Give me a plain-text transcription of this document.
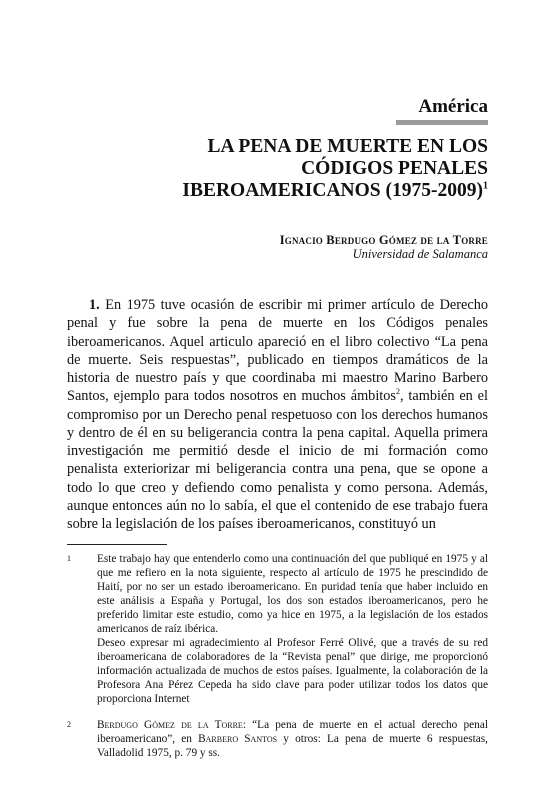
América
LA PENA DE MUERTE EN LOS
CÓDIGOS PENALES
IBEROAMERICANOS (1975-2009)$^1$
Ignacio Berdugo Gómez de la Torre
Universidad de Salamanca

1. En 1975 tuve ocasión de escribir mi primer artículo de Derecho penal y fue sobre la pena de muerte en los Códigos penales iberoamericanos. Aquel articulo apareció en el libro colectivo “La pena de muerte. Seis respuestas”, publicado en tiempos dramáticos de la historia de nuestro país y que coordinaba mi maestro Marino Barbero Santos, ejemplo para todos nosotros en muchos ámbitos$^2$, también en el compromiso por un Derecho penal respetuoso con los derechos humanos y dentro de él en su beligerancia contra la pena capital. Aquella primera investigación me permitió desde el inicio de mi formación como penalista exteriorizar mi beligerancia contra una pena, que se opone a todo lo que creo y defiendo como penalista y como persona. Además, aunque entonces aún no lo sabía, el que el contenido de ese trabajo fuera sobre la legislación de los países iberoamericanos, constituyó un

1 Este trabajo hay que entenderlo como una continuación del que publiqué en 1975 y al que me refiero en la nota siguiente, respecto al artículo de 1975 he prescindido de Haití, por no ser un estado iberoamericano. En puridad tenía que haber incluido en este análisis a España y Portugal, los dos son estados iberoamericanos, pero he preferido limitar este estudio, como ya hice en 1975, a la legislación de los estados americanos de raíz ibérica.

Deseo expresar mi agradecimiento al Profesor Ferré Olivé, que a través de su red iberoamericana de colaboradores de la “Revista penal” que dirige, me proporcionó información actualizada de muchos de estos países. Igualmente, la colaboración de la Profesora Ana Pérez Cepeda ha sido clave para poder utilizar todos los datos que proporciona Internet

2 Berdugo Gómez de la Torre: “La pena de muerte en el actual derecho penal iberoamericano”, en Barbero Santos y otros: La pena de muerte 6 respuestas, Valladolid 1975, p. 79 y ss.
